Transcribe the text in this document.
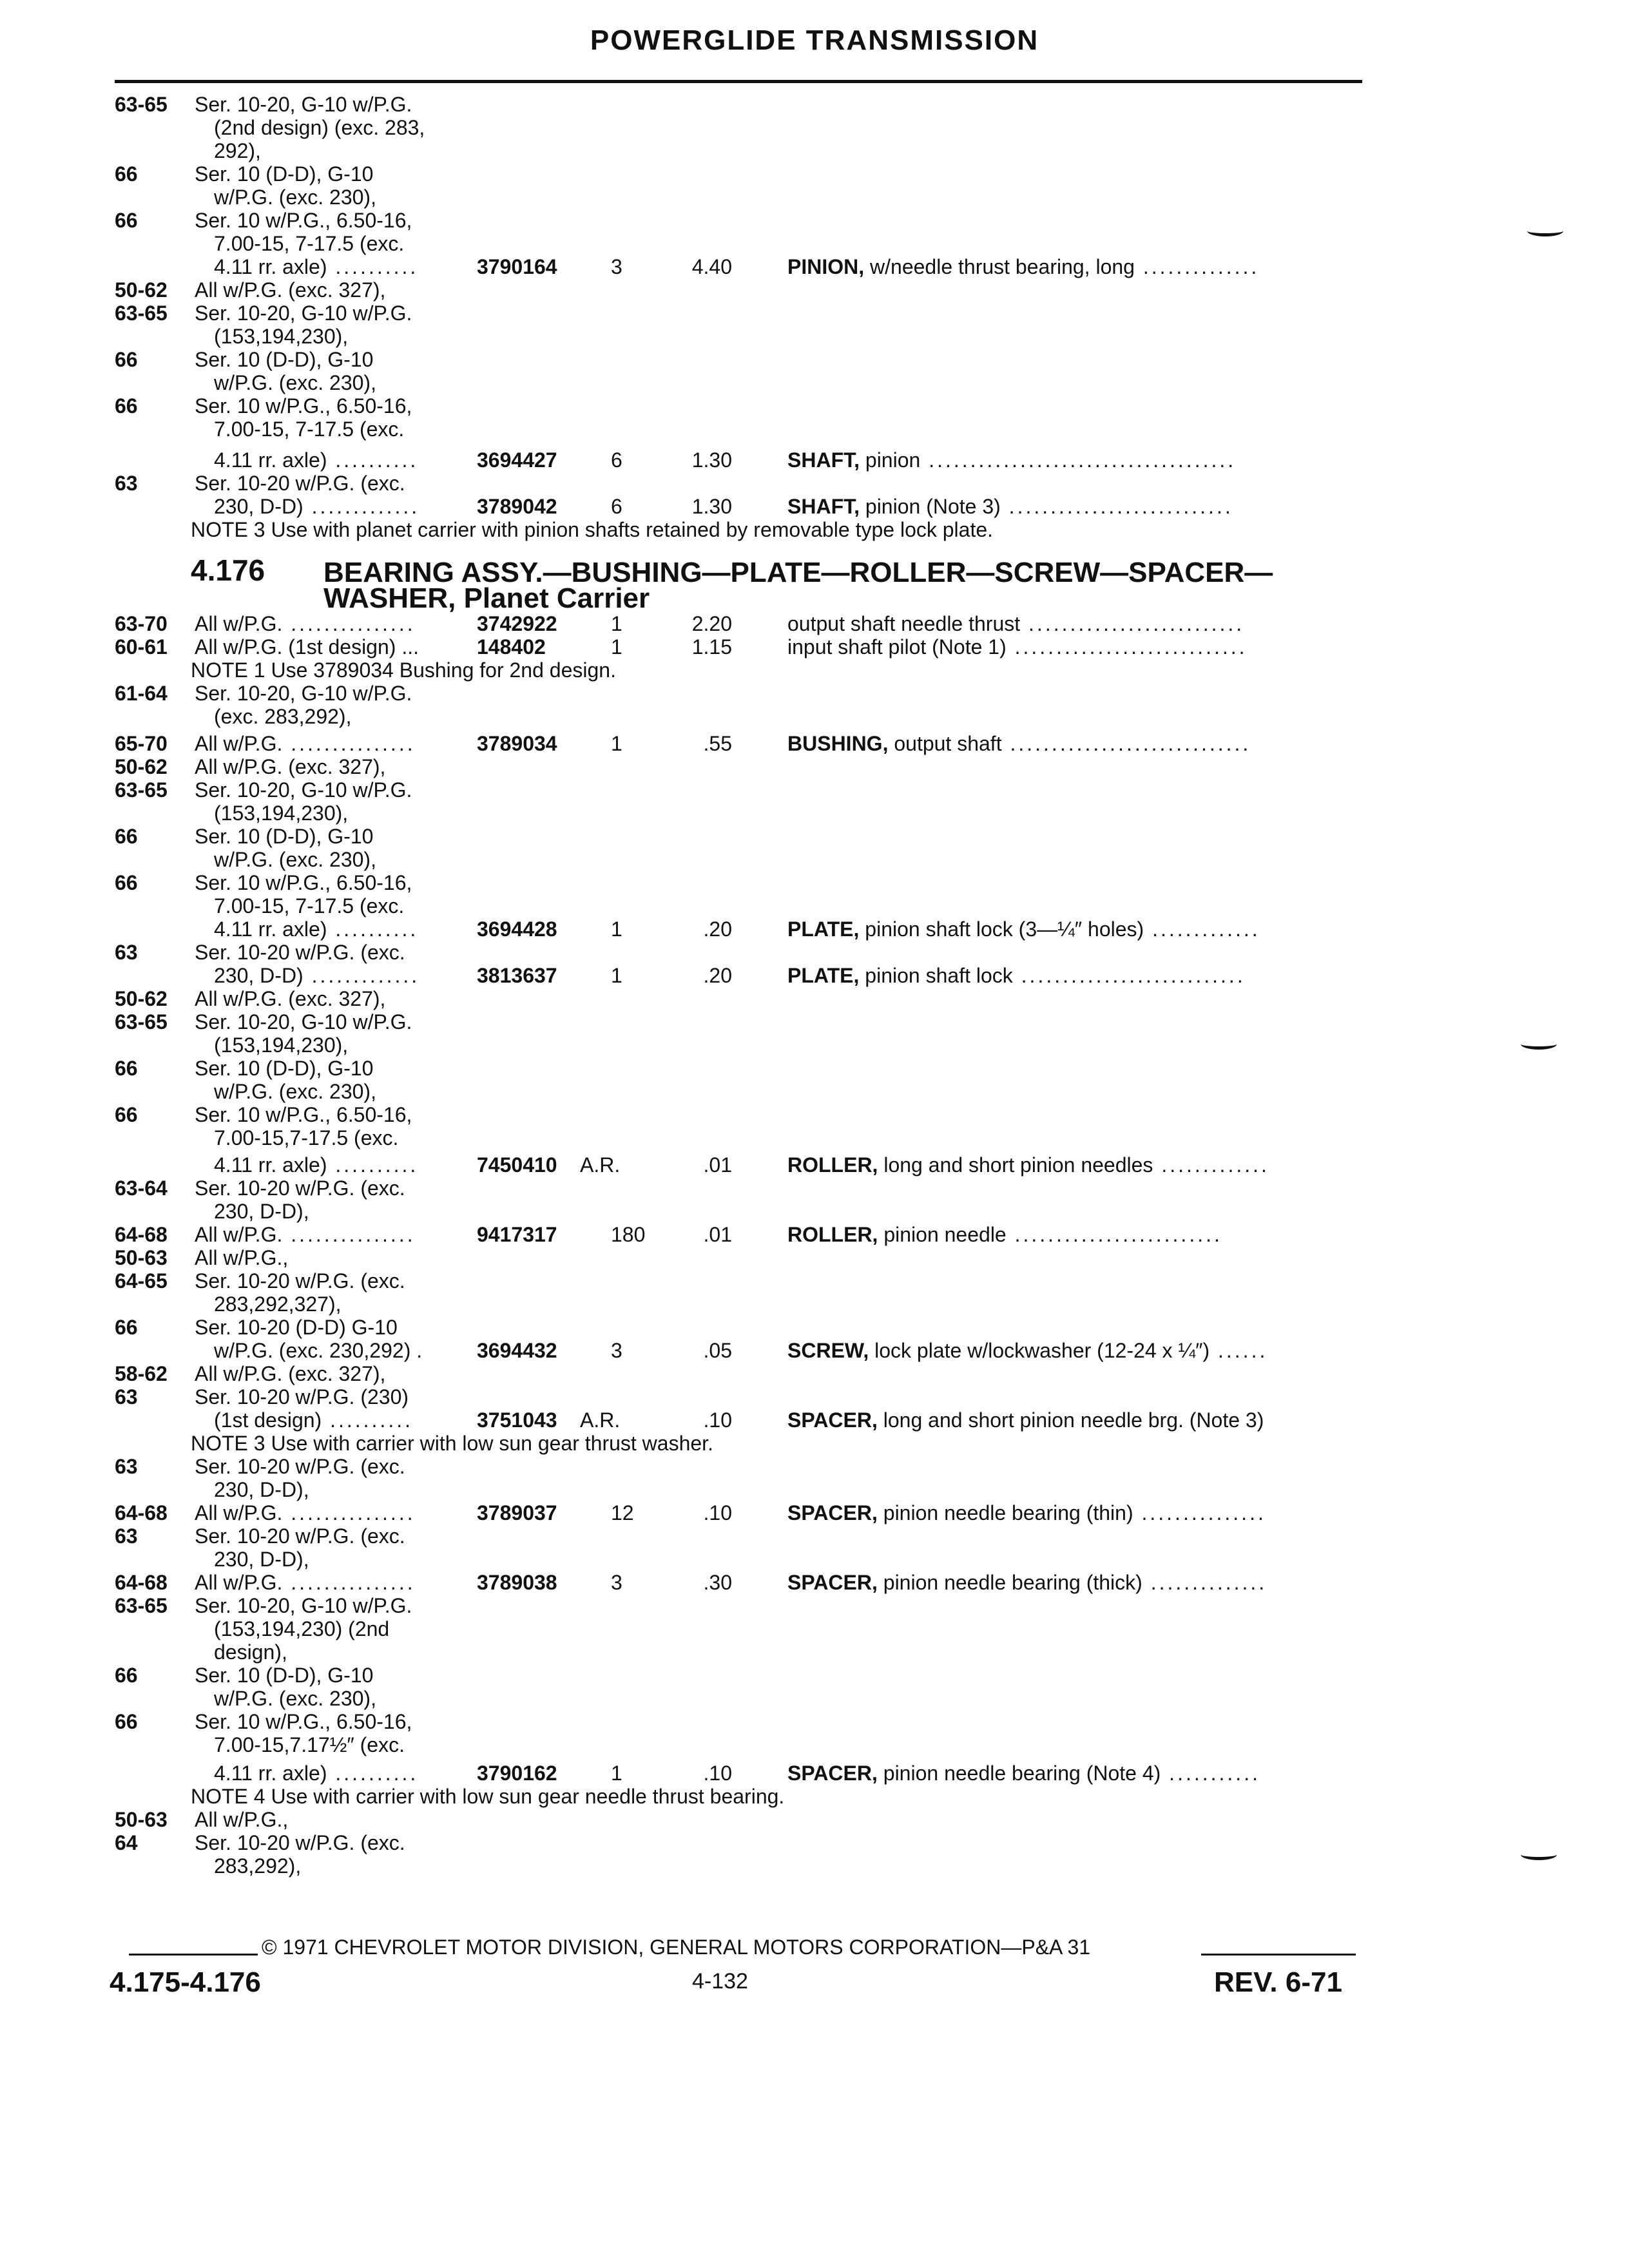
POWERGLIDE TRANSMISSION
4.176 BEARING ASSY.—BUSHING—PLATE—ROLLER—SCREW—SPACER—
WASHER, Planet Carrier
63-65 Ser. 10-20, G-10 w/P.G.
(2nd design) (exc. 283,
292),
66	Ser. 10 (D-D), G-10
w/P.G. (exc. 230),
66	Ser. 10 w/P.G., 6.50-16,
7.00-15, 7-17.5 (exc.
4.11 rr. axle) ..........	3790164	3	4.40	PINION, w/needle thrust bearing, long ..............
50-62 All w/P.G. (exc. 327),
63-65 Ser. 10-20, G-10 w/P.G.
(153,194,230),
66	Ser. 10 (D-D), G-10
w/P.G. (exc. 230),
66	Ser. 10 w/P.G., 6.50-16,
7.00-15, 7-17.5 (exc.
4.11 rr. axle) ..........	3694427	6	1.30	SHAFT, pinion .....................................
63	Ser. 10-20 w/P.G. (exc.
230, D-D) .............	3789042	6	1.30	SHAFT, pinion (Note 3) ...........................
NOTE 3 Use with planet carrier with pinion shafts retained by removable type lock plate.
63-70 All w/P.G. ...............	3742922	1	2.20	output shaft needle thrust ..........................
60-61 All w/P.G. (1st design) ...	148402	1	1.15	input shaft pilot (Note 1) ............................
NOTE 1 Use 3789034 Bushing for 2nd design.
61-64 Ser. 10-20, G-10 w/P.G.
(exc. 283,292),
65-70 All w/P.G. ...............	3789034	1	.55	BUSHING, output shaft .............................
50-62 All w/P.G. (exc. 327),
63-65 Ser. 10-20, G-10 w/P.G.
(153,194,230),
66	Ser. 10 (D-D), G-10
w/P.G. (exc. 230),
66	Ser. 10 w/P.G., 6.50-16,
7.00-15, 7-17.5 (exc.
4.11 rr. axle) ..........	3694428	1	.20	PLATE, pinion shaft lock (3—¼″ holes) .............
63	Ser. 10-20 w/P.G. (exc.
230, D-D) .............	3813637	1	.20	PLATE, pinion shaft lock ...........................
50-62 All w/P.G. (exc. 327),
63-65 Ser. 10-20, G-10 w/P.G.
(153,194,230),
66	Ser. 10 (D-D), G-10
w/P.G. (exc. 230),
66	Ser. 10 w/P.G., 6.50-16,
7.00-15,7-17.5 (exc.
4.11 rr. axle) ..........	7450410 A.R.	.01	ROLLER, long and short pinion needles .............
63-64 Ser. 10-20 w/P.G. (exc.
230, D-D),
64-68 All w/P.G. ...............	9417317	180	.01	ROLLER, pinion needle .........................
50-63 All w/P.G.,
64-65 Ser. 10-20 w/P.G. (exc.
283,292,327),
66	Ser. 10-20 (D-D) G-10
w/P.G. (exc. 230,292) .	3694432	3	.05	SCREW, lock plate w/lockwasher (12-24 x ¼″) ......
58-62 All w/P.G. (exc. 327),
63	Ser. 10-20 w/P.G. (230)
(1st design) ..........	3751043 A.R.	.10	SPACER, long and short pinion needle brg. (Note 3)
NOTE 3 Use with carrier with low sun gear thrust washer.
63	Ser. 10-20 w/P.G. (exc.
230, D-D),
64-68 All w/P.G. ...............	3789037	12	.10	SPACER, pinion needle bearing (thin) ...............
63	Ser. 10-20 w/P.G. (exc.
230, D-D),
64-68 All w/P.G. ...............	3789038	3	.30	SPACER, pinion needle bearing (thick) ..............
63-65 Ser. 10-20, G-10 w/P.G.
(153,194,230) (2nd
design),
66	Ser. 10 (D-D), G-10
w/P.G. (exc. 230),
66	Ser. 10 w/P.G., 6.50-16,
7.00-15,7.17½″ (exc.
4.11 rr. axle) ..........	3790162	1	.10	SPACER, pinion needle bearing (Note 4) ...........
NOTE 4 Use with carrier with low sun gear needle thrust bearing.
50-63 All w/P.G.,
64	Ser. 10-20 w/P.G. (exc.
283,292),
© 1971 CHEVROLET MOTOR DIVISION, GENERAL MOTORS CORPORATION—P&A 31
4.175-4.176	4-132	REV. 6-71
